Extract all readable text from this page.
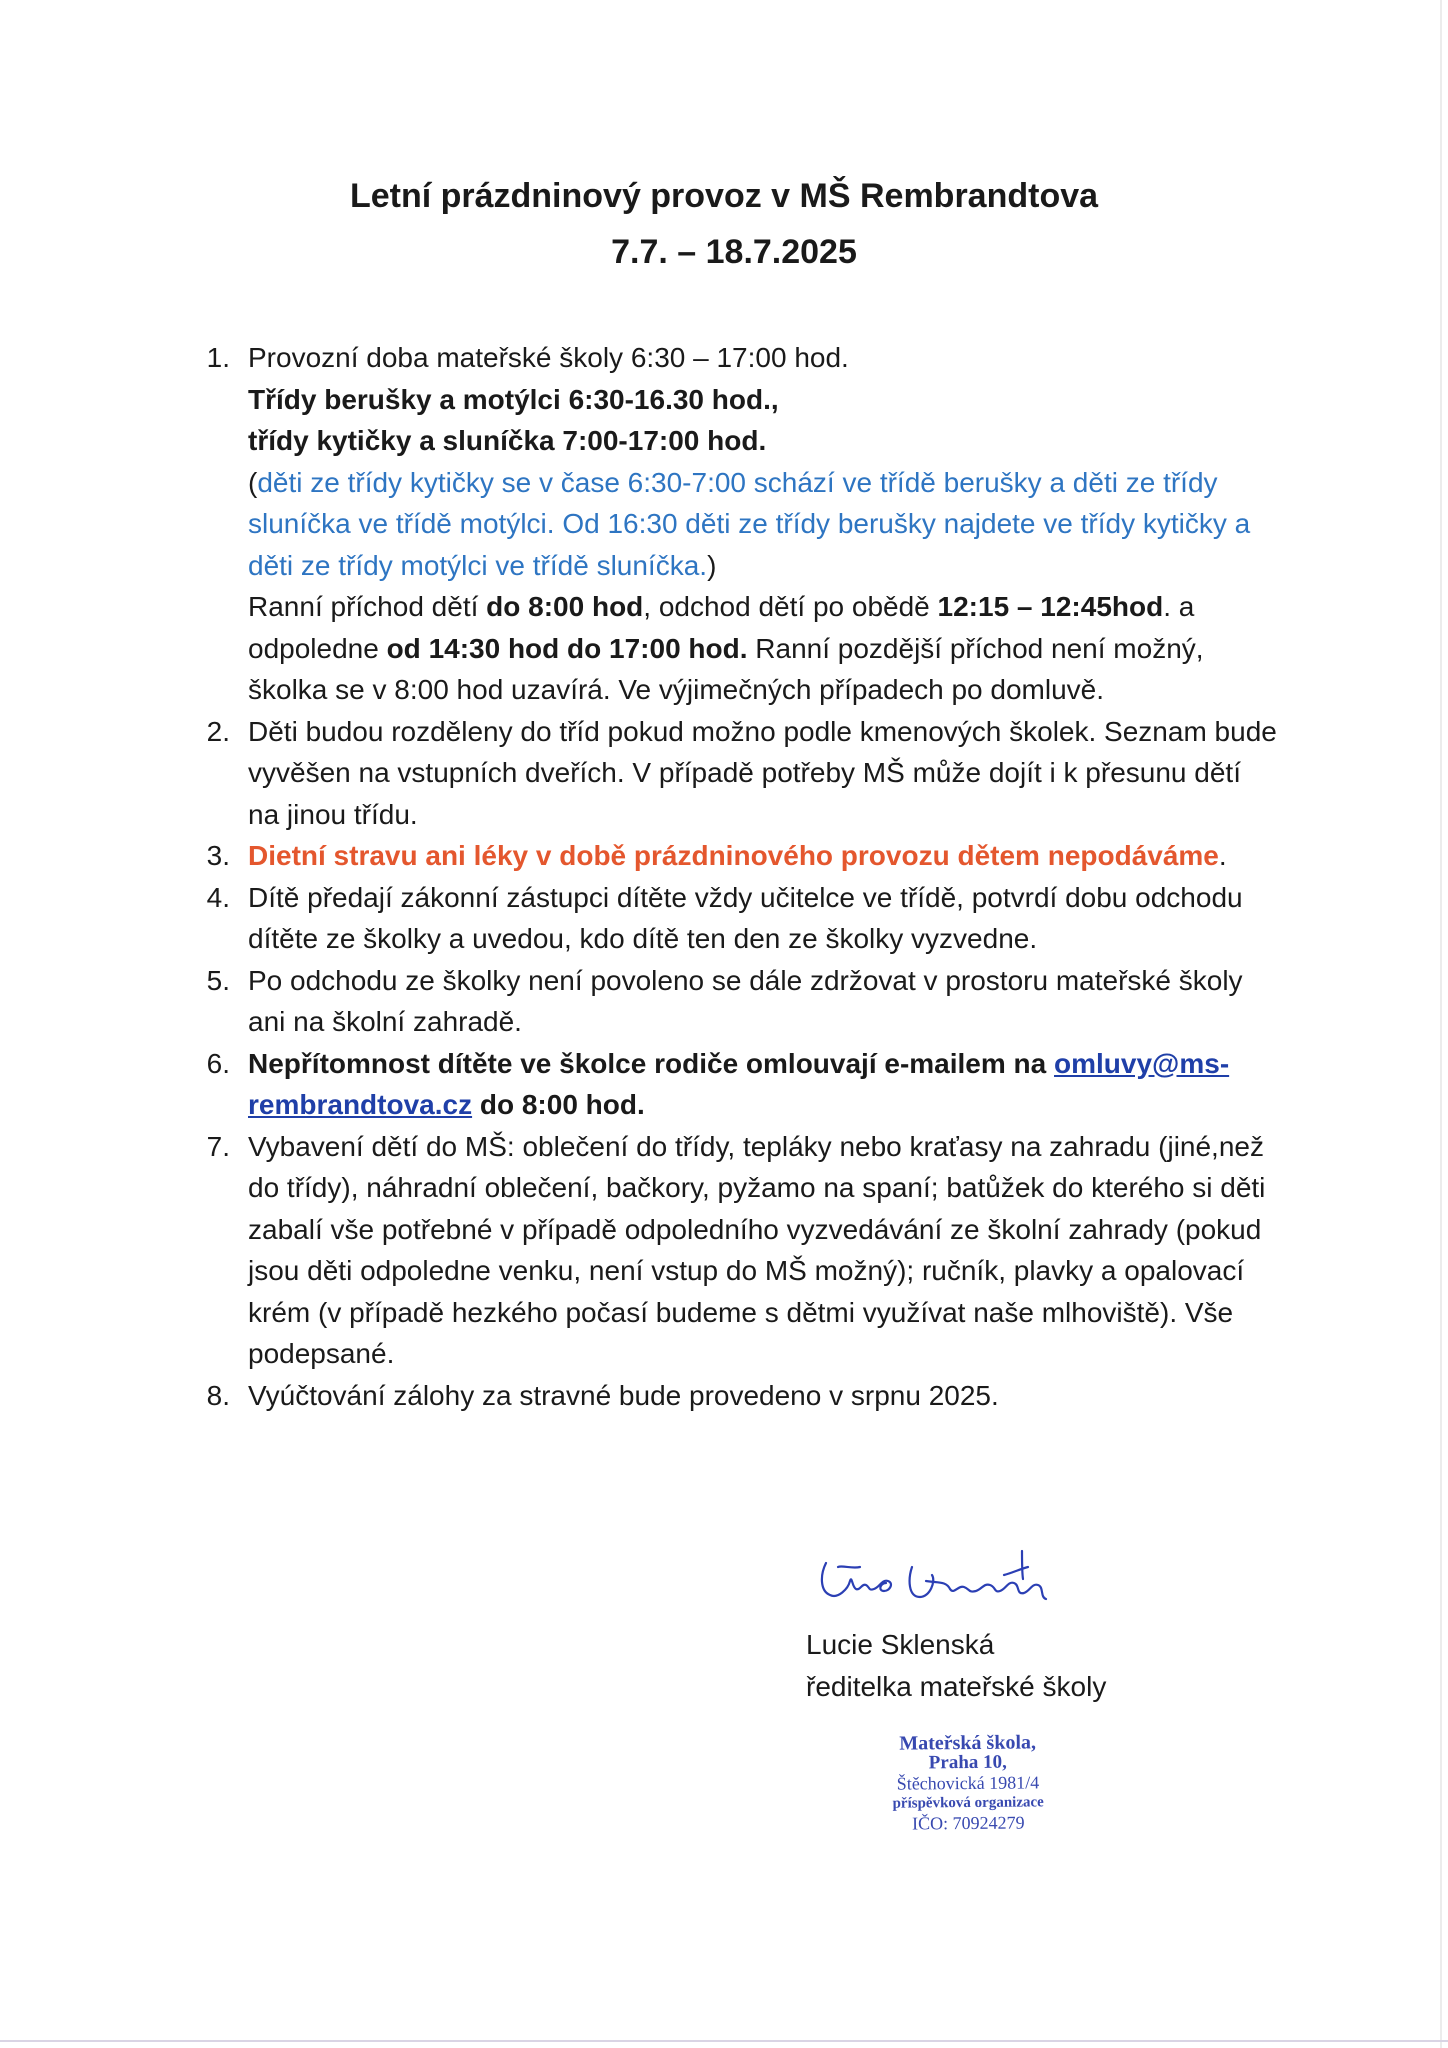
Letní prázdninový provoz v MŠ Rembrandtova
7.7. – 18.7.2025
1. Provozní doba mateřské školy 6:30 – 17:00 hod.
Třídy berušky a motýlci 6:30-16.30 hod.,
třídy kytičky a sluníčka 7:00-17:00 hod.
(děti ze třídy kytičky se v čase 6:30-7:00 schází ve třídě berušky a děti ze třídy sluníčka ve třídě motýlci. Od 16:30 děti ze třídy berušky najdete ve třídy kytičky a děti ze třídy motýlci ve třídě sluníčka.)
Ranní příchod dětí do 8:00 hod, odchod dětí po obědě 12:15 – 12:45hod. a odpoledne od 14:30 hod do 17:00 hod. Ranní pozdější příchod není možný, školka se v 8:00 hod uzavírá. Ve výjimečných případech po domluvě.
2. Děti budou rozděleny do tříd pokud možno podle kmenových školek. Seznam bude vyvěšen na vstupních dveřích. V případě potřeby MŠ může dojít i k přesunu dětí na jinou třídu.
3. Dietní stravu ani léky v době prázdninového provozu dětem nepodáváme.
4. Dítě předají zákonní zástupci dítěte vždy učitelce ve třídě, potvrdí dobu odchodu dítěte ze školky a uvedou, kdo dítě ten den ze školky vyzvedne.
5. Po odchodu ze školky není povoleno se dále zdržovat v prostoru mateřské školy ani na školní zahradě.
6. Nepřítomnost dítěte ve školce rodiče omlouvají e-mailem na omluvy@ms-rembrandtova.cz do 8:00 hod.
7. Vybavení dětí do MŠ: oblečení do třídy, tepláky nebo kraťasy na zahradu (jiné,než do třídy), náhradní oblečení, bačkory, pyžamo na spaní; batůžek do kterého si děti zabalí vše potřebné v případě odpoledního vyzvedávání ze školní zahrady (pokud jsou děti odpoledne venku, není vstup do MŠ možný); ručník, plavky a opalovací krém (v případě hezkého počasí budeme s dětmi využívat naše mlhoviště). Vše podepsané.
8. Vyúčtování zálohy za stravné bude provedeno v srpnu 2025.
Lucie Sklenská
ředitelka mateřské školy
Mateřská škola,
Praha 10,
Štěchovická 1981/4
příspěvková organizace
IČO: 70924279
